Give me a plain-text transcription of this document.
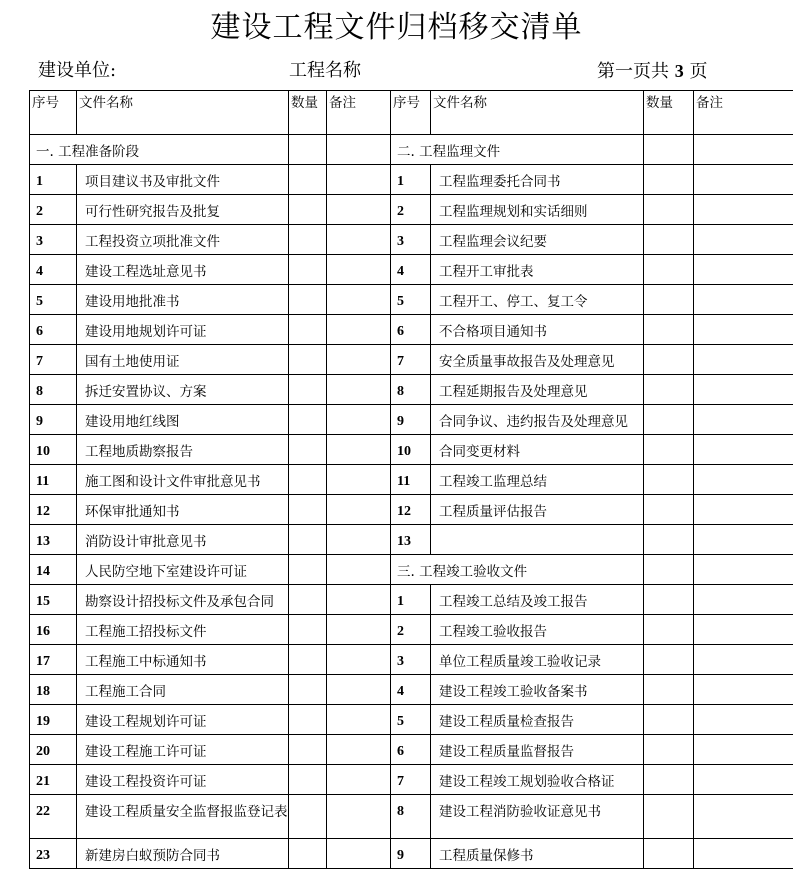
建设工程文件归档移交清单
建设单位:	工程名称	第一页共 3 页
序号	文件名称	数量	备注	序号	文件名称	数量	备注
一. 工程准备阶段				二. 工程监理文件			
1	项目建议书及审批文件			1	工程监理委托合同书		
2	可行性研究报告及批复			2	工程监理规划和实话细则		
3	工程投资立项批准文件			3	工程监理会议纪要		
4	建设工程选址意见书			4	工程开工审批表		
5	建设用地批准书			5	工程开工、停工、复工令		
6	建设用地规划许可证			6	不合格项目通知书		
7	国有土地使用证			7	安全质量事故报告及处理意见		
8	拆迁安置协议、方案			8	工程延期报告及处理意见		
9	建设用地红线图			9	合同争议、违约报告及处理意见		
10	工程地质勘察报告			10	合同变更材料		
11	施工图和设计文件审批意见书			11	工程竣工监理总结		
12	环保审批通知书			12	工程质量评估报告		
13	消防设计审批意见书			13			
14	人民防空地下室建设许可证			三. 工程竣工验收文件			
15	勘察设计招投标文件及承包合同			1	工程竣工总结及竣工报告		
16	工程施工招投标文件			2	工程竣工验收报告		
17	工程施工中标通知书			3	单位工程质量竣工验收记录		
18	工程施工合同			4	建设工程竣工验收备案书		
19	建设工程规划许可证			5	建设工程质量检查报告		
20	建设工程施工许可证			6	建设工程质量监督报告		
21	建设工程投资许可证			7	建设工程竣工规划验收合格证		
22	建设工程质量安全监督报监登记表			8	建设工程消防验收证意见书		
23	新建房白蚁预防合同书			9	工程质量保修书		
